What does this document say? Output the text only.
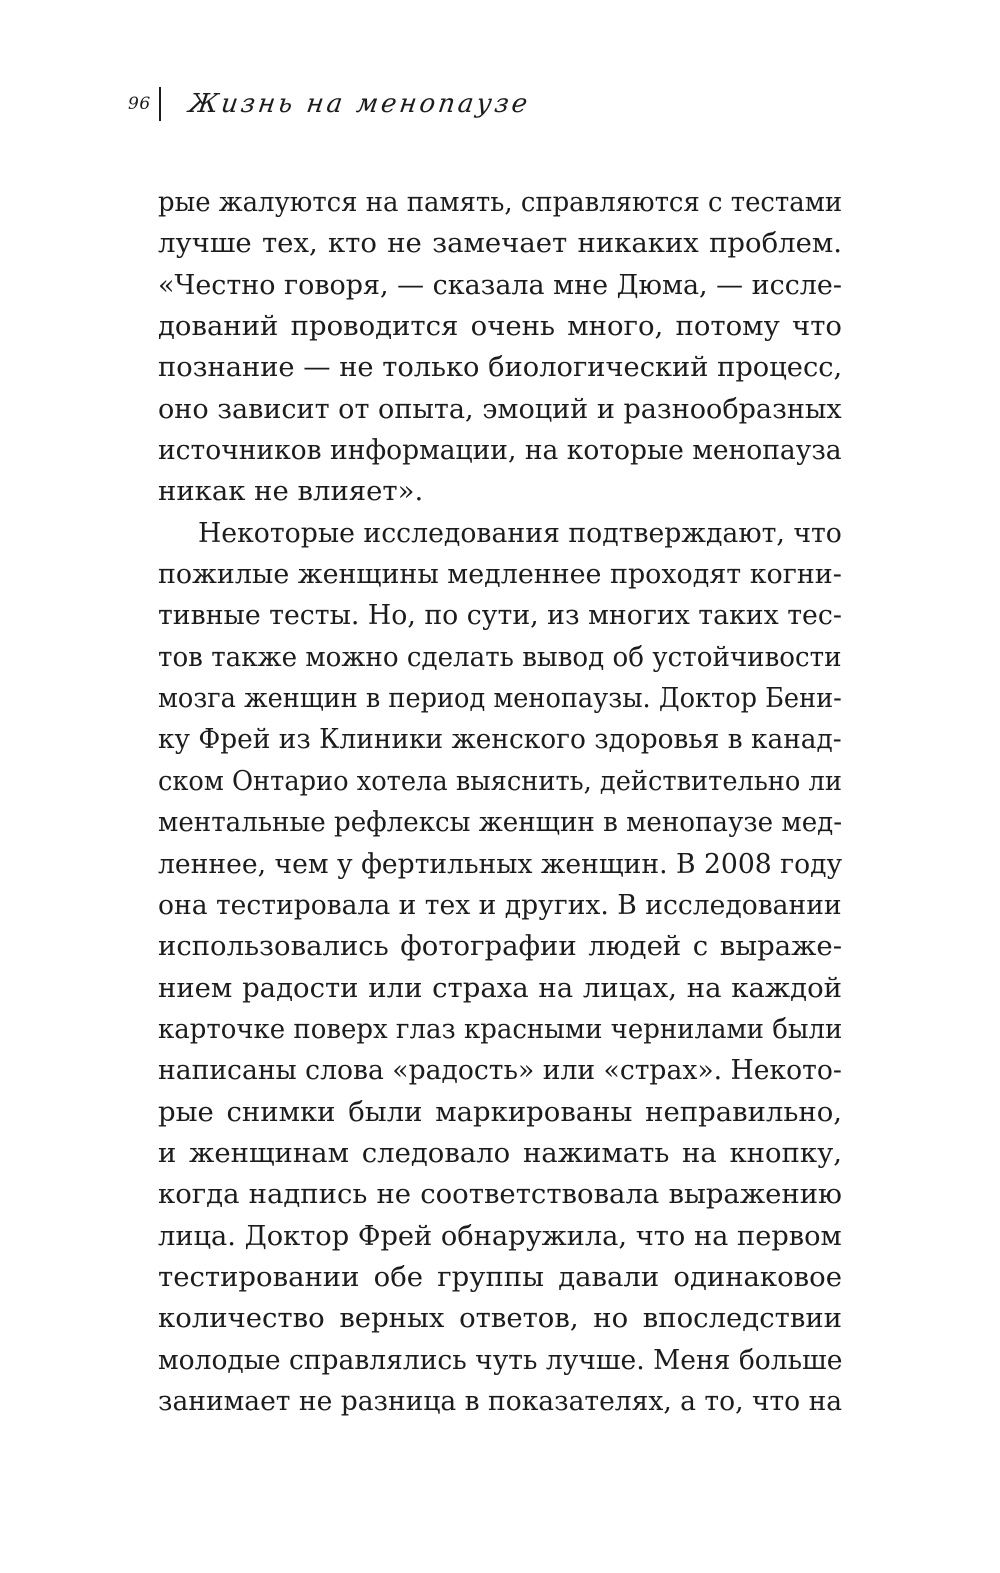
96 Жизнь на менопаузе
рые жалуются на память, справляются с тестами
лучше тех, кто не замечает никаких проблем.
«Честно говоря, — сказала мне Дюма, — иссле-
дований проводится очень много, потому что
познание — не только биологический процесс,
оно зависит от опыта, эмоций и разнообразных
источников информации, на которые менопауза
никак не влияет».
Некоторые исследования подтверждают, что
пожилые женщины медленнее проходят когни-
тивные тесты. Но, по сути, из многих таких тес-
тов также можно сделать вывод об устойчивости
мозга женщин в период менопаузы. Доктор Бени-
ку Фрей из Клиники женского здоровья в канад-
ском Онтарио хотела выяснить, действительно ли
ментальные рефлексы женщин в менопаузе мед-
леннее, чем у фертильных женщин. В 2008 году
она тестировала и тех и других. В исследовании
использовались фотографии людей с выраже-
нием радости или страха на лицах, на каждой
карточке поверх глаз красными чернилами были
написаны слова «радость» или «страх». Некото-
рые снимки были маркированы неправильно,
и женщинам следовало нажимать на кнопку,
когда надпись не соответствовала выражению
лица. Доктор Фрей обнаружила, что на первом
тестировании обе группы давали одинаковое
количество верных ответов, но впоследствии
молодые справлялись чуть лучше. Меня больше
занимает не разница в показателях, а то, что на
